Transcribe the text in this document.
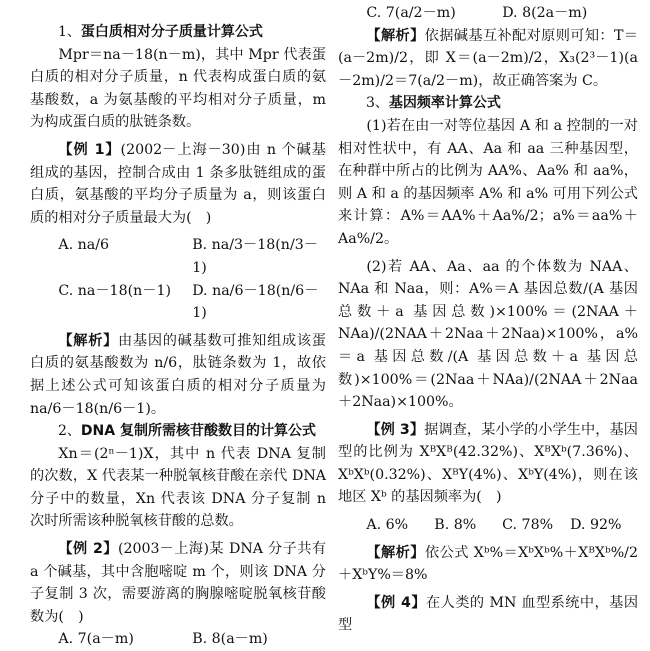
1、蛋白质相对分子质量计算公式

Mpr＝na－18(n－m)，其中 Mpr 代表蛋白质的相对分子质量，n 代表构成蛋白质的氨基酸数，a 为氨基酸的平均相对分子质量，m 为构成蛋白质的肽链条数。

【例 1】(2002－上海－30)由 n 个碱基组成的基因，控制合成由 1 条多肽链组成的蛋白质，氨基酸的平均分子质量为 a，则该蛋白质的相对分子质量最大为(　)

A. na/6	B. na/3－18(n/3－1)
C. na－18(n－1)	D. na/6－18(n/6－1)

【解析】由基因的碱基数可推知组成该蛋白质的氨基酸数为 n/6，肽链条数为 1，故依据上述公式可知该蛋白质的相对分子质量为 na/6－18(n/6－1)。

2、DNA 复制所需核苷酸数目的计算公式

Xn＝(2ⁿ－1)X，其中 n 代表 DNA 复制的次数，X 代表某一种脱氧核苷酸在亲代 DNA 分子中的数量，Xn 代表该 DNA 分子复制 n 次时所需该种脱氧核苷酸的总数。

【例 2】(2003－上海)某 DNA 分子共有 a 个碱基，其中含胞嘧啶 m 个，则该 DNA 分子复制 3 次，需要游离的胸腺嘧啶脱氧核苷酸数为(　)

A. 7(a－m)	B. 8(a－m)
C. 7(a/2－m)	D. 8(2a－m)

【解析】依据碱基互补配对原则可知：T＝(a－2m)/2，即 X＝(a－2m)/2，X₃(2³－1)(a－2m)/2＝7(a/2－m)，故正确答案为 C。

3、基因频率计算公式

(1)若在由一对等位基因 A 和 a 控制的一对相对性状中，有 AA、Aa 和 aa 三种基因型，在种群中所占的比例为 AA%、Aa% 和 aa%，则 A 和 a 的基因频率 A% 和 a% 可用下列公式来计算：A%＝AA%＋Aa%/2；a%＝aa%＋Aa%/2。

(2)若 AA、Aa、aa 的个体数为 NAA、NAa 和 Naa，则：A%＝A 基因总数/(A 基因总数＋a 基因总数)×100%＝(2NAA＋NAa)/(2NAA＋2Naa＋2Naa)×100%，a%＝a 基因总数/(A 基因总数＋a 基因总数)×100%＝(2Naa＋NAa)/(2NAA＋2Naa＋2Naa)×100%。

【例 3】据调查，某小学的小学生中，基因型的比例为 XᴮXᴮ(42.32%)、XᴮXᵇ(7.36%)、XᵇXᵇ(0.32%)、XᴮY(4%)、XᵇY(4%)，则在该地区 Xᵇ 的基因频率为(　)

A. 6%	B. 8%	C. 78%	D. 92%

【解析】依公式 Xᵇ%＝XᵇXᵇ%＋XᴮXᵇ%/2＋XᵇY%＝8%

【例 4】在人类的 MN 血型系统中，基因型
